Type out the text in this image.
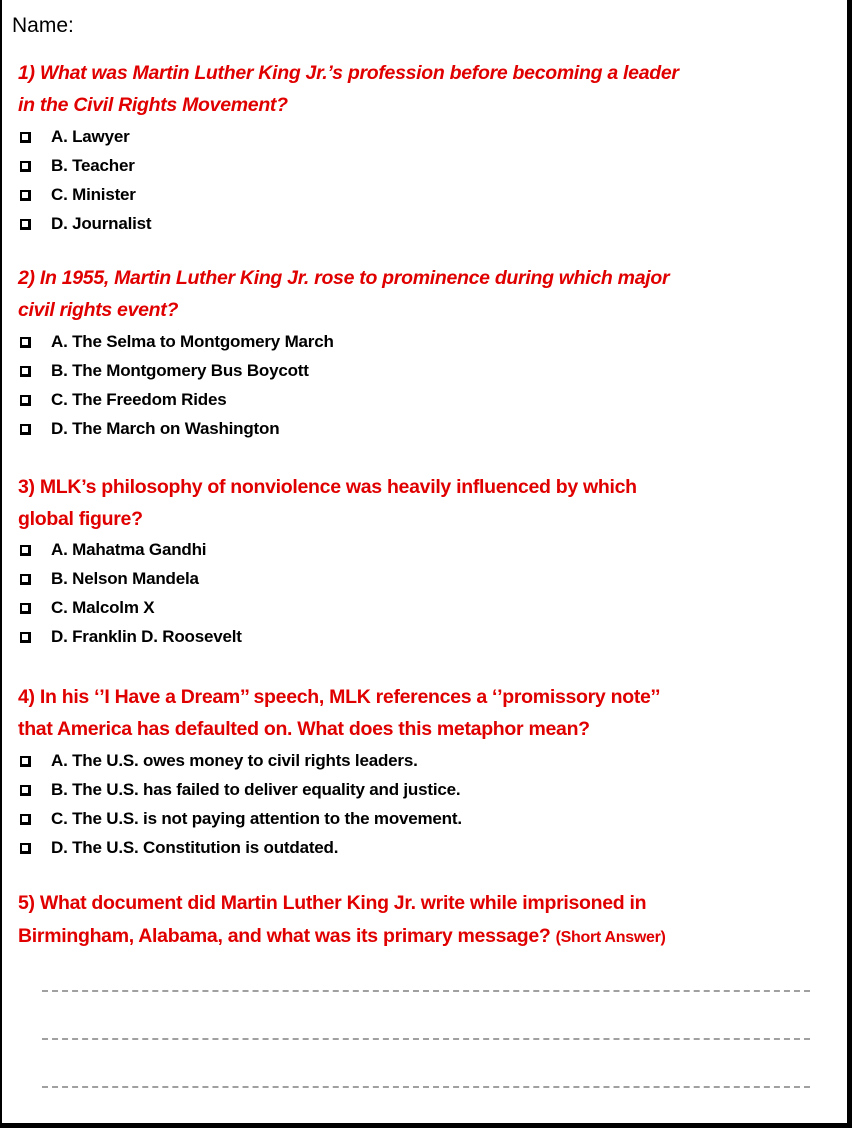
Name:
1) What was Martin Luther King Jr.’s profession before becoming a leader
in the Civil Rights Movement?
A. Lawyer
B. Teacher
C. Minister
D. Journalist
2) In 1955, Martin Luther King Jr. rose to prominence during which major
civil rights event?
A. The Selma to Montgomery March
B. The Montgomery Bus Boycott
C. The Freedom Rides
D. The March on Washington
3) MLK’s philosophy of nonviolence was heavily influenced by which
global figure?
A. Mahatma Gandhi
B. Nelson Mandela
C. Malcolm X
D. Franklin D. Roosevelt
4) In his ‘’I Have a Dream’’ speech, MLK references a ‘’promissory note’’
that America has defaulted on. What does this metaphor mean?
A. The U.S. owes money to civil rights leaders.
B. The U.S. has failed to deliver equality and justice.
C. The U.S. is not paying attention to the movement.
D. The U.S. Constitution is outdated.
5) What document did Martin Luther King Jr. write while imprisoned in
Birmingham, Alabama, and what was its primary message? (Short Answer)
